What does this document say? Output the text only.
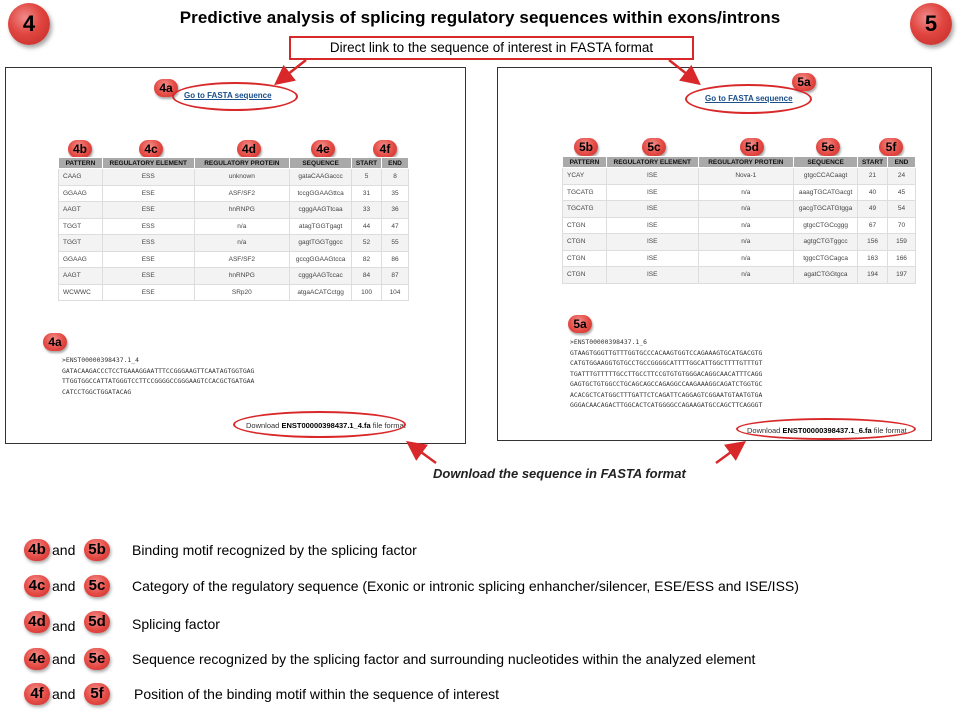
4	5
Predictive analysis of splicing regulatory sequences within exons/introns
Direct link to the sequence of interest in FASTA format
4a
Go to FASTA sequence
4b	4c	4d	4e	4f
PATTERN	REGULATORY ELEMENT	REGULATORY PROTEIN	SEQUENCE	START	END
CAAG	ESS	unknown	gataCAAGaccc	5	8
GGAAG	ESE	ASF/SF2	tccgGGAAGttca	31	35
AAGT	ESE	hnRNPG	cgggAAGTtcaa	33	36
TGGT	ESS	n/a	atagTGGTgagt	44	47
TGGT	ESS	n/a	gagtTGGTggcc	52	55
GGAAG	ESE	ASF/SF2	gccgGGAAGtcca	82	86
AAGT	ESE	hnRNPG	cgggAAGTccac	84	87
WCWWC	ESE	SRp20	atgaACATCctgg	100	104
4a
>ENST00000398437.1_4
GATACAAGACCCTCCTGAAAGGAATTTCCGGGAAGTTCAATAGTGGTGAG
TTGGTGGCCATTATGGGTCCTTCCGGGGCCGGGAAGTCCACGCTGATGAA
CATCCTGGCTGGATACAG
Download ENST00000398437.1_4.fa file format
5a
Go to FASTA sequence
5b	5c	5d	5e	5f
PATTERN	REGULATORY ELEMENT	REGULATORY PROTEIN	SEQUENCE	START	END
YCAY	ISE	Nova-1	gtgcCCACaagt	21	24
TGCATG	ISE	n/a	aaagTGCATGacgt	40	45
TGCATG	ISE	n/a	gacgTGCATGtgga	49	54
CTGN	ISE	n/a	gtgcCTGCcggg	67	70
CTGN	ISE	n/a	agtgCTGTggcc	156	159
CTGN	ISE	n/a	tggcCTGCagca	163	166
CTGN	ISE	n/a	agatCTGGtgca	194	197
5a
>ENST00000398437.1_6
GTAAGTGGGTTGTTTGGTGCCCACAAGTGGTCCAGAAAGTGCATGACGTG
CATGTGGAAGGTGTGCCTGCCGGGGCATTTTGGCATTGGCTTTTGTTTGT
TGATTTGTTTTTGCCTTGCCTTCCGTGTGTGGGACAGGCAACATTTCAGG
GAGTGCTGTGGCCTGCAGCAGCCAGAGGCCAAGAAAGGCAGATCTGGTGC
ACACGCTCATGGCTTTGATTCTCAGATTCAGGAGTCGGAATGTAATGTGA
GGGACAACAGACTTGGCACTCATGGGGCCAGAAGATGCCAGCTTCAGGGT
Download ENST00000398437.1_6.fa file format
Download the sequence in FASTA format
4b and 5b	Binding motif recognized by the splicing factor
4c and 5c	Category of the regulatory sequence (Exonic or intronic splicing enhancher/silencer, ESE/ESS and ISE/ISS)
4d and 5d	Splicing factor
4e and 5e	Sequence recognized by the splicing factor and surrounding nucleotides within the analyzed element
4f and 5f	Position of the binding motif within the sequence of interest
